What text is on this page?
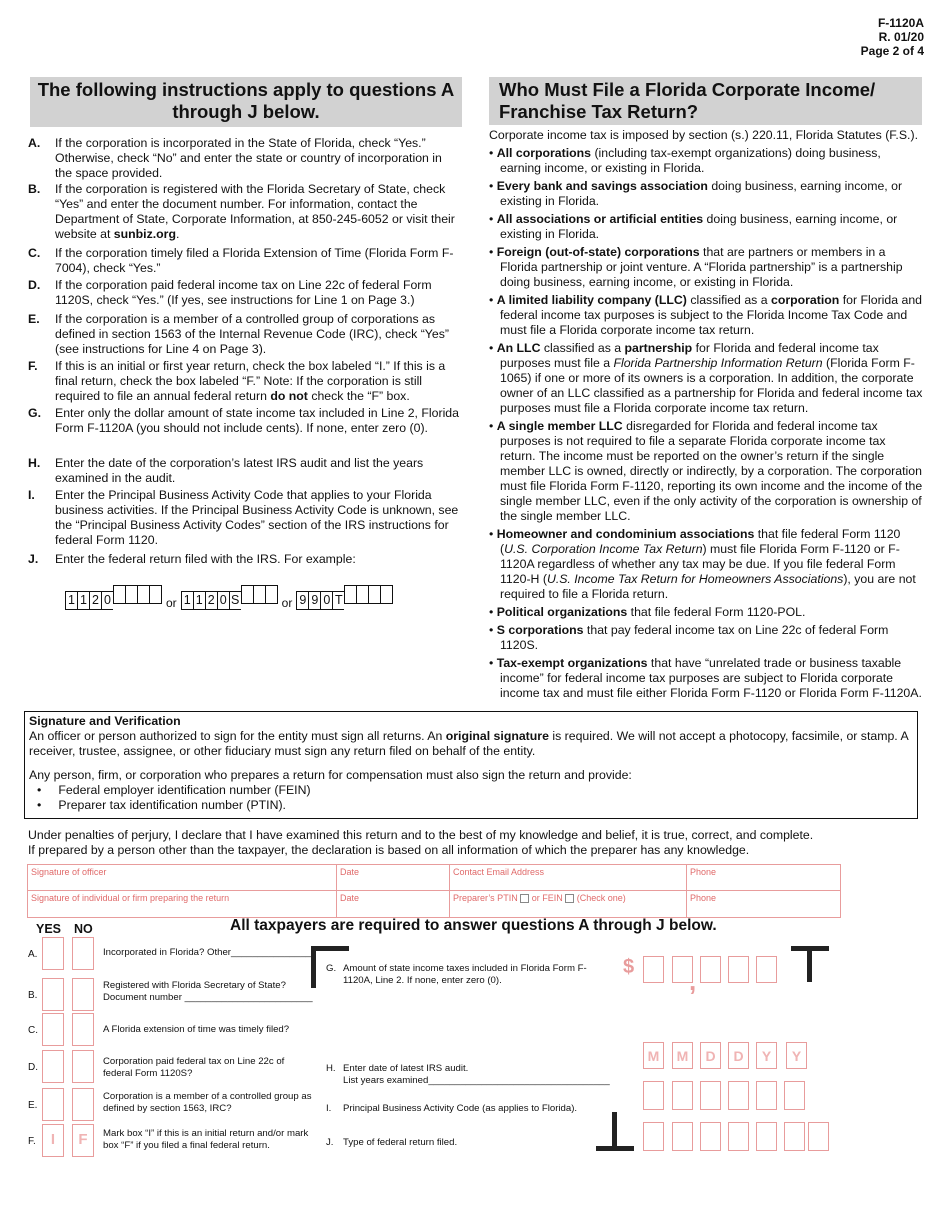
F-1120A
R. 01/20
Page 2 of 4
The following instructions apply to questions A through J below.
Who Must File a Florida Corporate Income/ Franchise Tax Return?
A. If the corporation is incorporated in the State of Florida, check “Yes.” Otherwise, check “No” and enter the state or country of incorporation in the space provided.
B. If the corporation is registered with the Florida Secretary of State, check “Yes” and enter the document number. For information, contact the Department of State, Corporate Information, at 850-245-6052 or visit their website at sunbiz.org.
C. If the corporation timely filed a Florida Extension of Time (Florida Form F-7004), check “Yes.”
D. If the corporation paid federal income tax on Line 22c of federal Form 1120S, check “Yes.” (If yes, see instructions for Line 1 on Page 3.)
E. If the corporation is a member of a controlled group of corporations as defined in section 1563 of the Internal Revenue Code (IRC), check “Yes” (see instructions for Line 4 on Page 3).
F. If this is an initial or first year return, check the box labeled “I.” If this is a final return, check the box labeled “F.” Note: If the corporation is still required to file an annual federal return do not check the “F” box.
G. Enter only the dollar amount of state income tax included in Line 2, Florida Form F-1120A (you should not include cents). If none, enter zero (0).
H. Enter the date of the corporation’s latest IRS audit and list the years examined in the audit.
I. Enter the Principal Business Activity Code that applies to your Florida business activities. If the Principal Business Activity Code is unknown, see the “Principal Business Activity Codes” section of the IRS instructions for federal Form 1120.
J. Enter the federal return filed with the IRS. For example:
1 1 2 0	or 1 1 2 0 S	or 9 9 0 T

Corporate income tax is imposed by section (s.) 220.11, Florida Statutes (F.S.).

• All corporations (including tax-exempt organizations) doing business, earning income, or existing in Florida.

• Every bank and savings association doing business, earning income, or existing in Florida.

• All associations or artificial entities doing business, earning income, or existing in Florida.

• Foreign (out-of-state) corporations that are partners or members in a Florida partnership or joint venture. A “Florida partnership” is a partnership doing business, earning income, or existing in Florida.

• A limited liability company (LLC) classified as a corporation for Florida and federal income tax purposes is subject to the Florida Income Tax Code and must file a Florida corporate income tax return.

• An LLC classified as a partnership for Florida and federal income tax purposes must file a Florida Partnership Information Return (Florida Form F-1065) if one or more of its owners is a corporation. In addition, the corporate owner of an LLC classified as a partnership for Florida and federal income tax purposes must file a Florida corporate income tax return.

• A single member LLC disregarded for Florida and federal income tax purposes is not required to file a separate Florida corporate income tax return. The income must be reported on the owner’s return if the single member LLC is owned, directly or indirectly, by a corporation. The corporation must file Florida Form F-1120, reporting its own income and the income of the single member LLC, even if the only activity of the corporation is ownership of the single member LLC.

• Homeowner and condominium associations that file federal Form 1120 (U.S. Corporation Income Tax Return) must file Florida Form F-1120 or F-1120A regardless of whether any tax may be due. If you file federal Form 1120-H (U.S. Income Tax Return for Homeowners Associations), you are not required to file a Florida return.

• Political organizations that file federal Form 1120-POL.

• S corporations that pay federal income tax on Line 22c of federal Form 1120S.

• Tax-exempt organizations that have “unrelated trade or business taxable income” for federal income tax purposes are subject to Florida corporate income tax and must file either Florida Form F-1120 or Florida Form F-1120A.

Signature and Verification

An officer or person authorized to sign for the entity must sign all returns. An original signature is required. We will not accept a photocopy, facsimile, or stamp. A receiver, trustee, assignee, or other fiduciary must sign any return filed on behalf of the entity.

Any person, firm, or corporation who prepares a return for compensation must also sign the return and provide:

•     Federal employer identification number (FEIN)
•     Preparer tax identification number (PTIN).
Under penalties of perjury, I declare that I have examined this return and to the best of my knowledge and belief, it is true, correct, and complete.
If prepared by a person other than the taxpayer, the declaration is based on all information of which the preparer has any knowledge.
Signature of officer	Date	Contact Email Address	Phone
Signature of individual or firm preparing the return	Date	Preparer’s PTIN or FEIN (Check one)	Phone
All taxpayers are required to answer questions A through J below.
YES NO
A.	Incorporated in Florida? Other_______________
B.
Registered with Florida Secretary of State?
Document number ________________________
C.	A Florida extension of time was timely filed?
D.
Corporation paid federal tax on Line 22c of federal Form 1120S?
E.
Corporation is a member of a controlled group as defined by section 1563, IRC?
F.	I	F	Mark box “I” if this is an initial return and/or mark box “F” if you filed a final federal return.
G. Amount of state income taxes included in Florida Form F-1120A, Line 2. If none, enter zero (0).
$ ,
M	M	D	D	Y	Y
H. Enter date of latest IRS audit.
List years examined__________________________________
I. Principal Business Activity Code (as applies to Florida).
J. Type of federal return filed.
